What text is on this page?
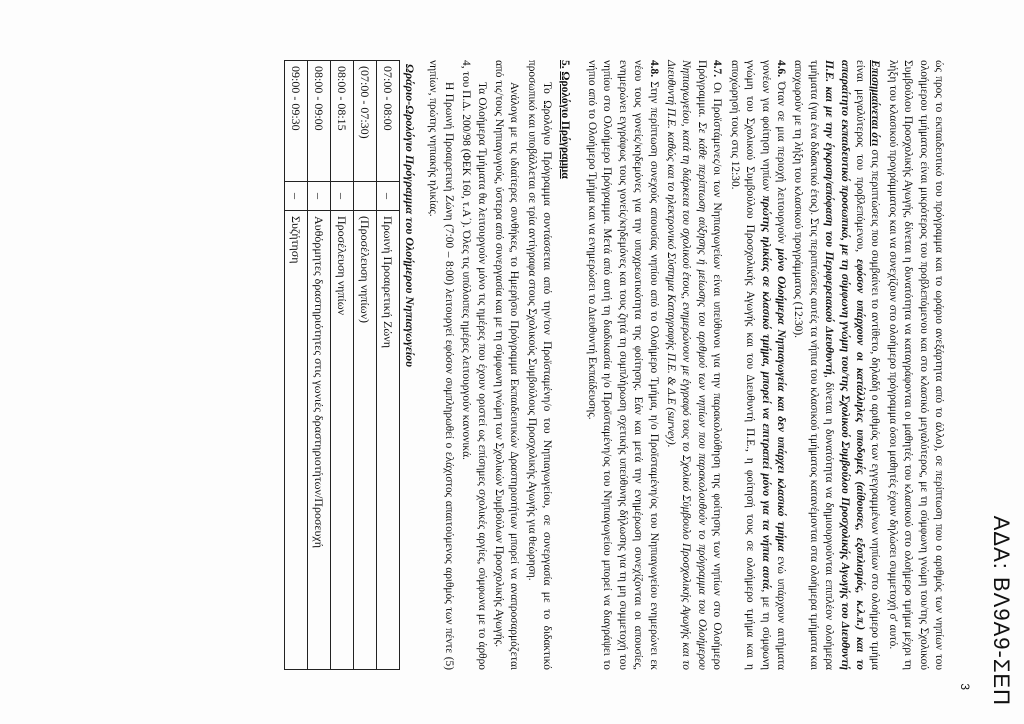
ΑΔΑ: ΒΛ9Α9-ΣΕΠ
3

ώς προς το εκπαιδευτικό του πρόγραμμα και το ωράριο ανεξάρτητα από το άλλο), σε περίπτωση που ο αριθμός των νηπίων του ολοήμερου τμήματος είναι μικρότερος του προβλεπόμενου και στο κλασικό μεγαλύτερος, με τη σύμφωνη γνώμη του/της Σχολικού Συμβούλου Προσχολικής Αγωγής, δίνεται η δυνατότητα να καταγράφονται οι μαθητές του κλασικού στο ολοήμερο τμήμα μέχρι τη λήξη του κλασικού προγράμματος και να συνεχίζουν στο ολοήμερο πρόγραμμα όσοι μαθητές έχουν δηλώσει συμμετοχή σ' αυτό.

Επισημαίνεται ότι στις περιπτώσεις που συμβαίνει το αντίθετο, δηλαδή ο αριθμός των εγγεγραμμένων νηπίων στο ολοήμερο τμήμα είναι μεγαλύτερος του προβλεπόμενου, εφόσον υπάρχουν οι κατάλληλες υποδομές (αίθουσες, εξοπλισμός, κ.λ.π.) και το απαραίτητο εκπαιδευτικό προσωπικό, με τη σύμφωνη γνώμη του/της Σχολικού Συμβούλου Προσχολικής Αγωγής του Διευθυντή Π.Ε. και με την έγκριση/απόφαση του Περιφερειακού Διευθυντή, δίνεται η δυνατότητα να δημιουργούνται επιπλέον ολοήμερα τμήματα (για ένα διδακτικό έτος). Στις περιπτώσεις αυτές τα νήπια του κλασικού τμήματος κατανέμονται στα ολοήμερα τμήματα και αποχωρούν με τη λήξη του κλασικού προγράμματος (12:30).

4.6. Όταν σε μια περιοχή λειτουργούν μόνο Ολοήμερα Νηπιαγωγεία και δεν υπάρχει κλασικό τμήμα ενώ υπάρχουν αιτήματα γονέων για φοίτηση νηπίων πρώτης ηλικίας σε κλασικό τμήμα, μπορεί να επιτραπεί μόνο για τα νήπια αυτά, με τη σύμφωνη γνώμη του Σχολικού Συμβούλου Προσχολικής Αγωγής και του Διευθυντή Π.Ε., η φοίτησή τους σε ολοήμερο τμήμα και η αποχώρησή τους στις 12:30.

4.7. Οι Προϊστάμενες/οι των Νηπιαγωγείων είναι υπεύθυνοι για την παρακολούθηση της φοίτησης των νηπίων στο Ολοήμερο Πρόγραμμα. Σε κάθε περίπτωση αύξησης ή μείωσης του αριθμού των νηπίων που παρακολουθούν το πρόγραμμα του Ολοήμερου Νηπιαγωγείου, κατά τη διάρκεια του σχολικού έτους, ενημερώνουν με έγγραφό τους το Σχολικό Σύμβουλο Προσχολικής Αγωγής και το Διευθυντή Π.Ε. καθώς και το ηλεκτρονικό Σύστημα Καταγραφής Π.Ε. & Δ.Ε (survey).

4.8. Στην περίπτωση συνεχούς απουσίας νηπίου από το Ολοήμερο Τμήμα, η/ο Προϊσταμένη/ος του Νηπιαγωγείου ενημερώνει εκ νέου τους γονείς/κηδεμόνες για την υποχρεωτικότητα της φοίτησης. Εάν και μετά την ενημέρωση συνεχίζονται οι απουσίες, ενημερώνει εγγράφως τους γονείς/κηδεμόνες και τους ζητά τη συμπλήρωση σχετικής υπεύθυνης δήλωσης για τη μη συμμετοχή του νηπίου στο Ολοήμερο Πρόγραμμα. Μετά από αυτή τη διαδικασία η/ο Προϊσταμένη/ος του Νηπιαγωγείου μπορεί να διαγράψει το νήπιο από το Ολοήμερο Τμήμα και να ενημερώσει το Διευθυντή Εκπαίδευσης.

5. Ωρολόγιο Πρόγραμμα

Το Ωρολόγιο Πρόγραμμα συντάσσεται από την/τον Προϊσταμένη/ο του Νηπιαγωγείου, σε συνεργασία με το διδακτικό προσωπικό και υποβάλλεται σε τρία αντίγραφα στους Σχολικούς Συμβούλους Προσχολικής Αγωγής για θεώρηση.

Ανάλογα με τις ιδιαίτερες συνθήκες, το Ημερήσιο Πρόγραμμα Εκπαιδευτικών Δραστηριοτήτων μπορεί να αναπροσαρμόζεται από τις/τους Νηπιαγωγούς, ύστερα από συνεργασία και με τη σύμφωνη γνώμη των Σχολικών Συμβούλων Προσχολικής Αγωγής.

Τα Ολοήμερα Τμήματα θα λειτουργούν μόνο τις ημέρες που έχουν οριστεί ως επίσημες σχολικές αργίες, σύμφωνα με το άρθρο 4, του Π.Δ. 200/98 (ΦΕΚ 160, τ.Α΄). Όλες τις υπόλοιπες ημέρες λειτουργούν κανονικά.

Η Πρωινή Προαιρετική Ζώνη (7:00 – 8:00) λειτουργεί εφόσον συμπληρωθεί ο ελάχιστος απαιτούμενος αριθμός των πέντε (5) νηπίων, πρώτης νηπιακής ηλικίας.

Ωράριο-Ωρολόγιο Πρόγραμμα του Ολοήμερου Νηπιαγωγείου
07:00 - 08:00	–	Πρωινή Προαιρετική Ζώνη
(07:00 - 07:30)		(Προσέλευση νηπίων)
08:00 - 08:15	–	Προσέλευση νηπίων
08:00 - 09:00	–	Αυθόρμητες δραστηριότητες στις γωνιές δραστηριοτήτων/Προσευχή
09:00 - 09:30	–	Συζήτηση
